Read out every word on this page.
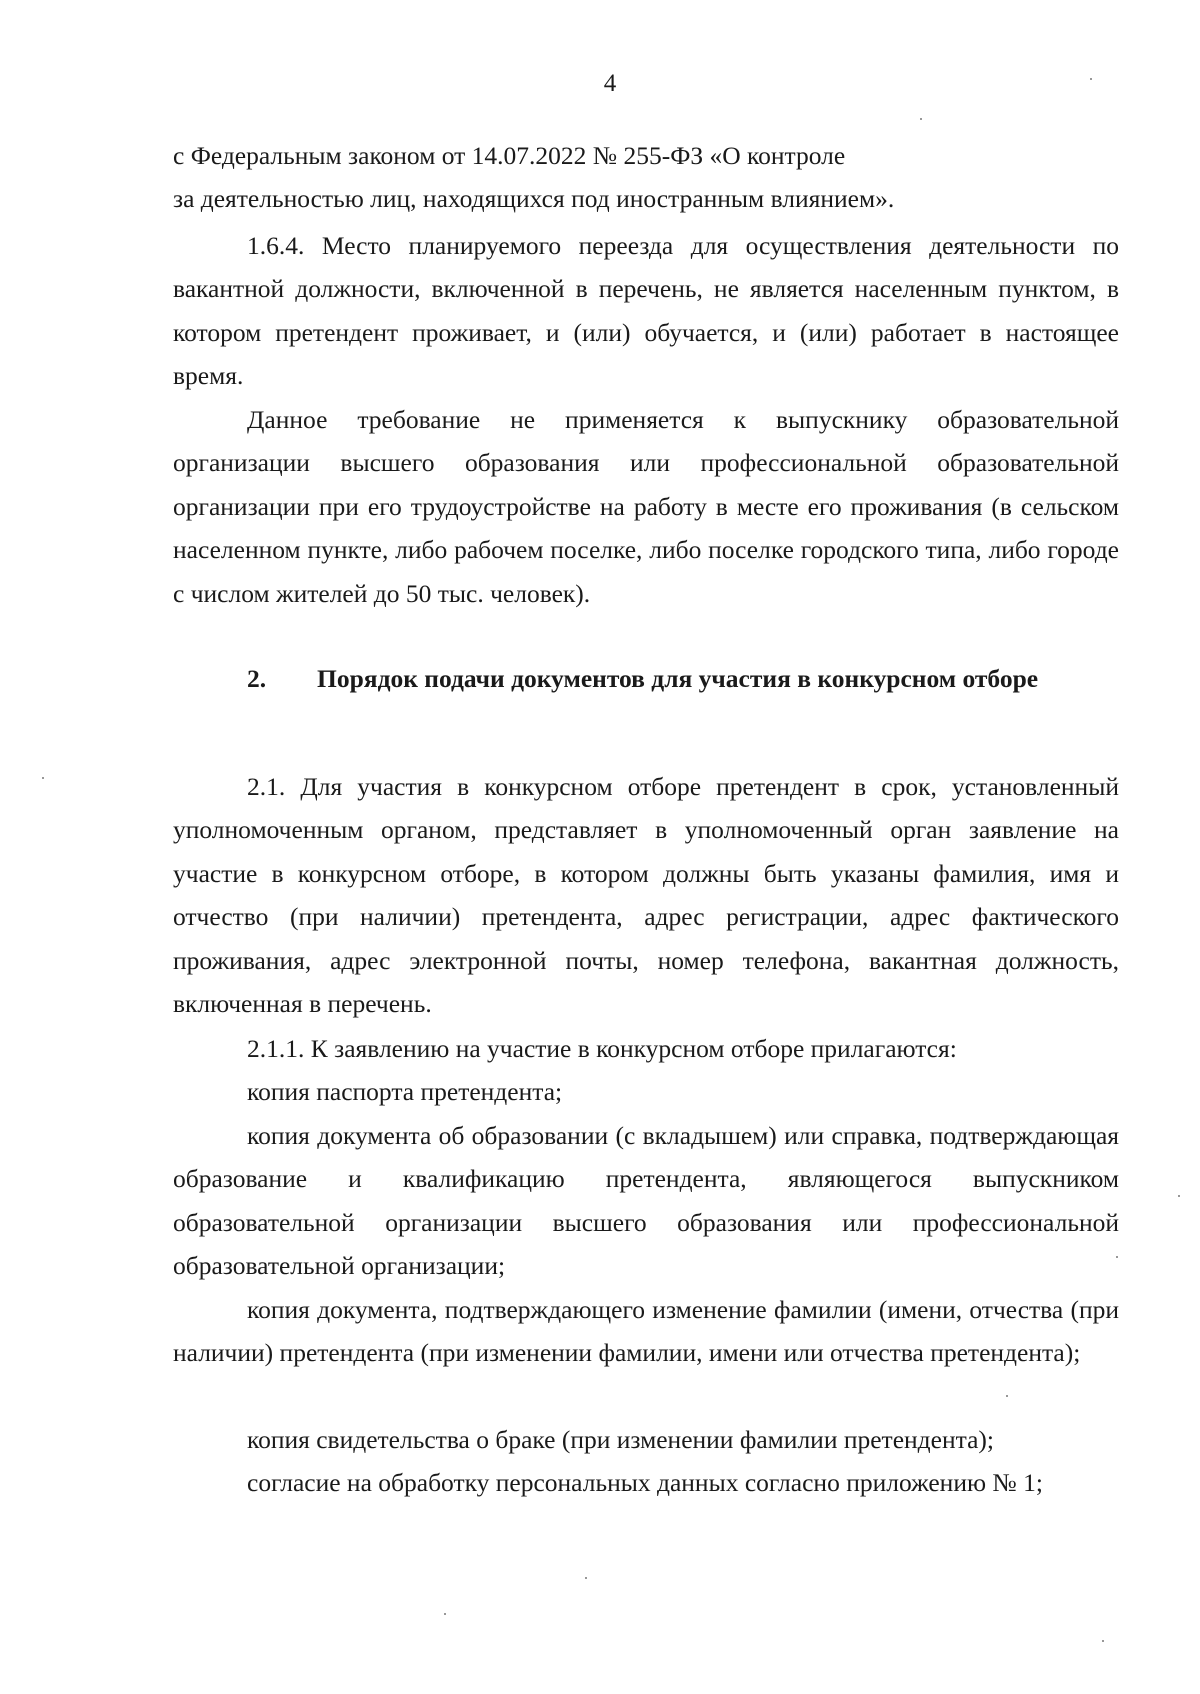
4

с Федеральным законом от 14.07.2022 № 255-ФЗ «О контроле

за деятельностью лиц, находящихся под иностранным влиянием».

1.6.4. Место планируемого переезда для осуществления деятельности по вакантной должности, включенной в перечень, не является населенным пунктом, в котором претендент проживает, и (или) обучается, и (или) работает в настоящее время.

Данное требование не применяется к выпускнику образовательной организации высшего образования или профессиональной образовательной организации при его трудоустройстве на работу в месте его проживания (в сельском населенном пункте, либо рабочем поселке, либо поселке городского типа, либо городе с числом жителей до 50 тыс. человек).

2. Порядок подачи документов для участия в конкурсном отборе

2.1. Для участия в конкурсном отборе претендент в срок, установленный уполномоченным органом, представляет в уполномоченный орган заявление на участие в конкурсном отборе, в котором должны быть указаны фамилия, имя и отчество (при наличии) претендента, адрес регистрации, адрес фактического проживания, адрес электронной почты, номер телефона, вакантная должность, включенная в перечень.

2.1.1. К заявлению на участие в конкурсном отборе прилагаются:
копия паспорта претендента;

копия документа об образовании (с вкладышем) или справка, подтверждающая образование и квалификацию претендента, являющегося выпускником образовательной организации высшего образования или профессиональной образовательной организации;

копия документа, подтверждающего изменение фамилии (имени, отчества (при наличии) претендента (при изменении фамилии, имени или отчества претендента);

копия свидетельства о браке (при изменении фамилии претендента);

согласие на обработку персональных данных согласно приложению № 1;
